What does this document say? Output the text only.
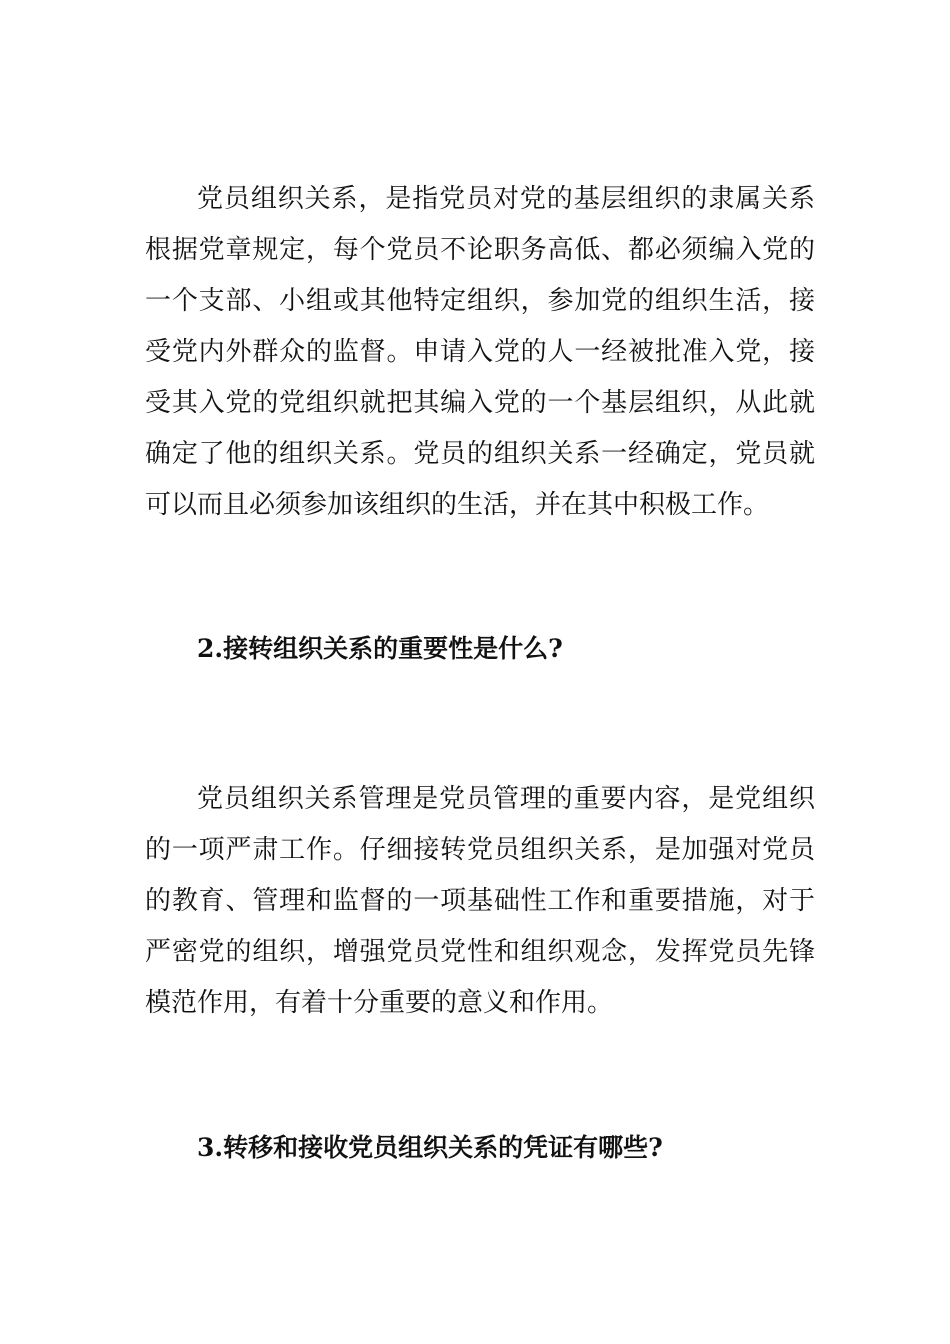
党员组织关系，是指党员对党的基层组织的隶属关系
根据党章规定，每个党员不论职务高低、都必须编入党的
一个支部、小组或其他特定组织，参加党的组织生活，接
受党内外群众的监督。申请入党的人一经被批准入党，接
受其入党的党组织就把其编入党的一个基层组织，从此就
确定了他的组织关系。党员的组织关系一经确定，党员就
可以而且必须参加该组织的生活，并在其中积极工作。

2.接转组织关系的重要性是什么?

党员组织关系管理是党员管理的重要内容，是党组织
的一项严肃工作。仔细接转党员组织关系，是加强对党员
的教育、管理和监督的一项基础性工作和重要措施，对于
严密党的组织，增强党员党性和组织观念，发挥党员先锋
模范作用，有着十分重要的意义和作用。

3.转移和接收党员组织关系的凭证有哪些?
